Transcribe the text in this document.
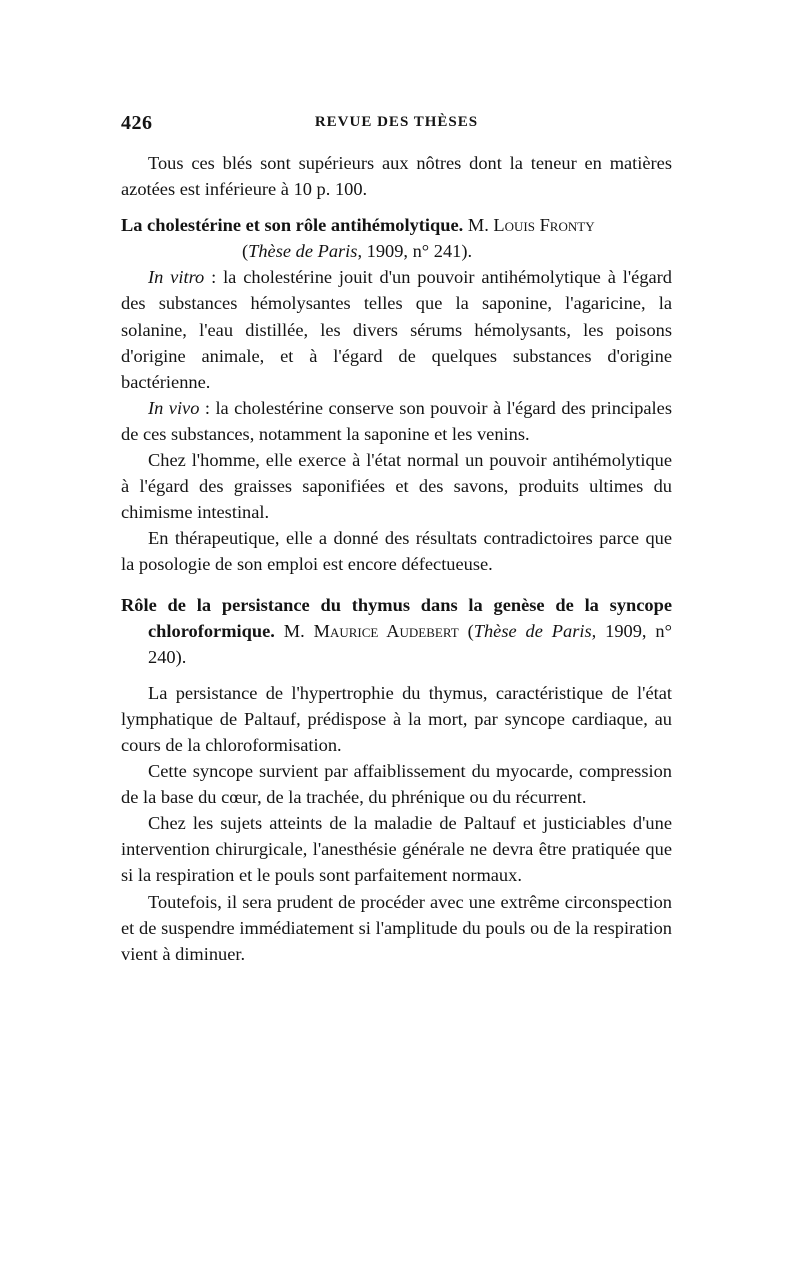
426	REVUE DES THÈSES

Tous ces blés sont supérieurs aux nôtres dont la teneur en matières azotées est inférieure à 10 p. 100.

La cholestérine et son rôle antihémolytique. M. Louis Fronty

(Thèse de Paris, 1909, n° 241).

In vitro : la cholestérine jouit d'un pouvoir antihémolytique à l'égard des substances hémolysantes telles que la saponine, l'agaricine, la solanine, l'eau distillée, les divers sérums hémolysants, les poisons d'origine animale, et à l'égard de quelques substances d'origine bactérienne.

In vivo : la cholestérine conserve son pouvoir à l'égard des principales de ces substances, notamment la saponine et les venins.

Chez l'homme, elle exerce à l'état normal un pouvoir antihémolytique à l'égard des graisses saponifiées et des savons, produits ultimes du chimisme intestinal.

En thérapeutique, elle a donné des résultats contradictoires parce que la posologie de son emploi est encore défectueuse.

Rôle de la persistance du thymus dans la genèse de la syncope chloroformique. M. Maurice Audebert (Thèse de Paris, 1909, n° 240).

La persistance de l'hypertrophie du thymus, caractéristique de l'état lymphatique de Paltauf, prédispose à la mort, par syncope cardiaque, au cours de la chloroformisation.

Cette syncope survient par affaiblissement du myocarde, compression de la base du cœur, de la trachée, du phrénique ou du récurrent.

Chez les sujets atteints de la maladie de Paltauf et justiciables d'une intervention chirurgicale, l'anesthésie générale ne devra être pratiquée que si la respiration et le pouls sont parfaitement normaux.

Toutefois, il sera prudent de procéder avec une extrême circonspection et de suspendre immédiatement si l'amplitude du pouls ou de la respiration vient à diminuer.
